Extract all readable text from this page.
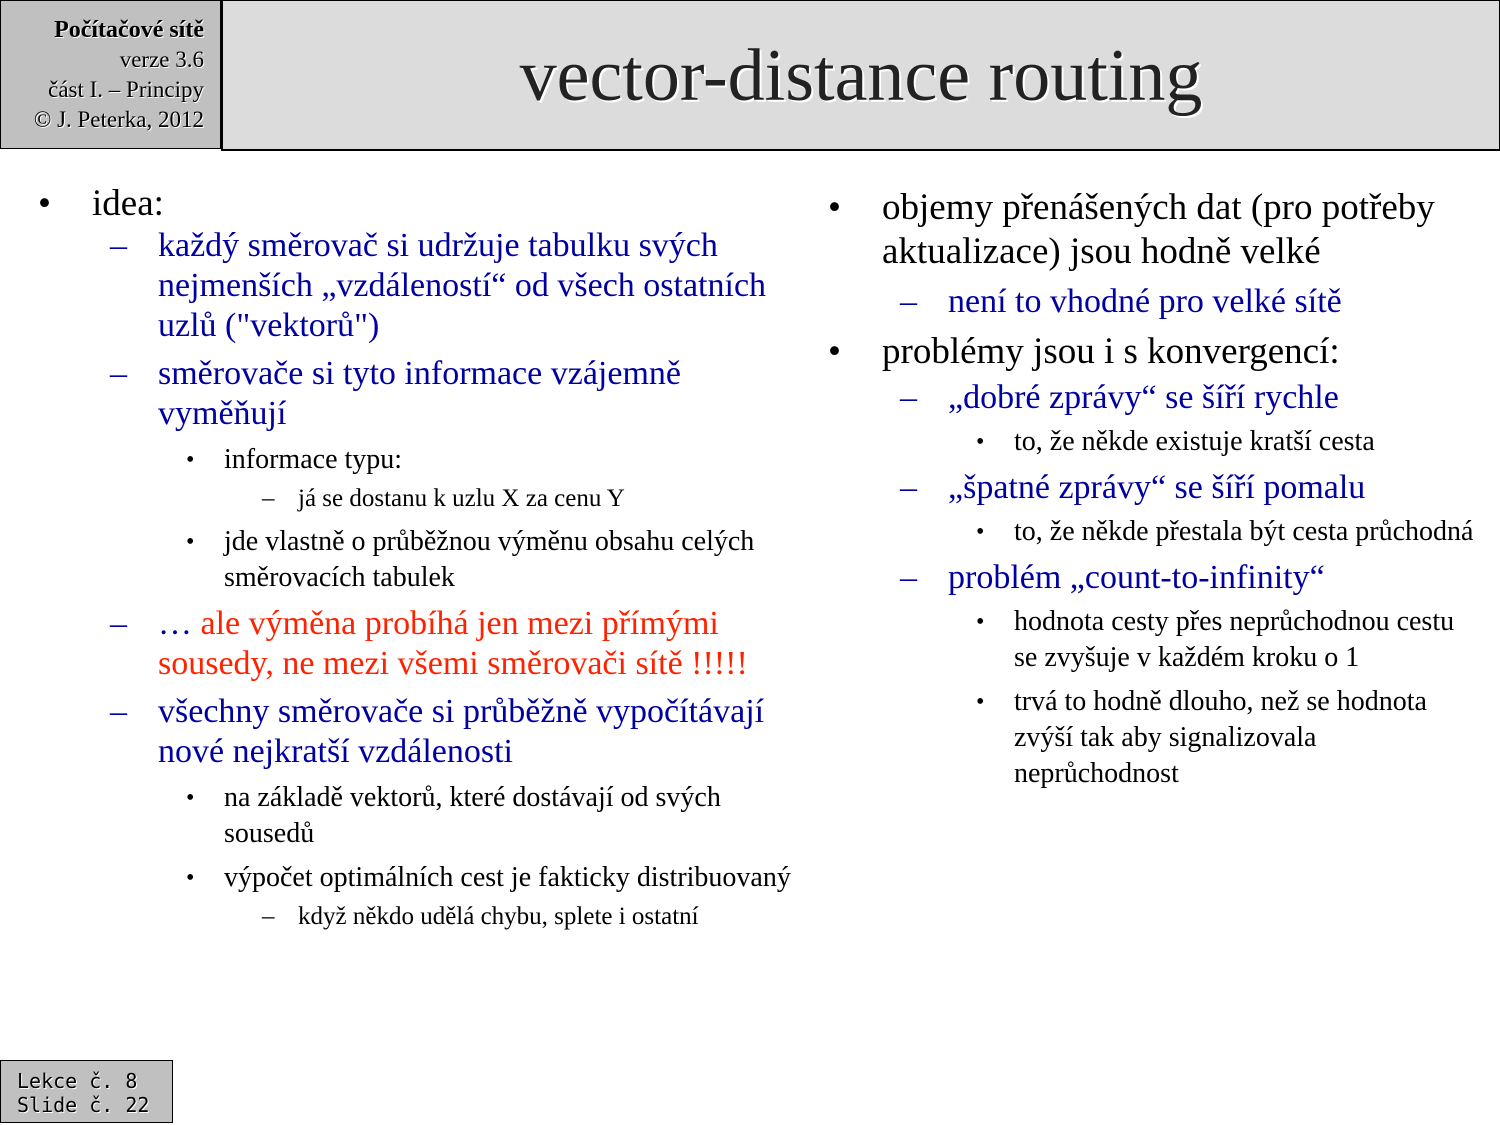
Počítačové sítě
verze 3.6
část I. – Principy
© J. Peterka, 2012
vector-distance routing
• idea:
– každý směrovač si udržuje tabulku svých nejmenších „vzdáleností“ od všech ostatních uzlů ("vektorů")
– směrovače si tyto informace vzájemně vyměňují
• informace typu:
– já se dostanu k uzlu X za cenu Y
• jde vlastně o průběžnou výměnu obsahu celých směrovacích tabulek
– … ale výměna probíhá jen mezi přímými sousedy, ne mezi všemi směrovači sítě !!!!!
– všechny směrovače si průběžně vypočítávají nové nejkratší vzdálenosti
• na základě vektorů, které dostávají od svých sousedů
• výpočet optimálních cest je fakticky distribuovaný
– když někdo udělá chybu, splete i ostatní
• objemy přenášených dat (pro potřeby aktualizace) jsou hodně velké
– není to vhodné pro velké sítě
• problémy jsou i s konvergencí:
– „dobré zprávy“ se šíří rychle
• to, že někde existuje kratší cesta
– „špatné zprávy“ se šíří pomalu
• to, že někde přestala být cesta průchodná
– problém „count-to-infinity“
• hodnota cesty přes neprůchodnou cestu se zvyšuje v každém kroku o 1
• trvá to hodně dlouho, než se hodnota zvýší tak aby signalizovala neprůchodnost
Lekce č. 8
Slide č. 22
